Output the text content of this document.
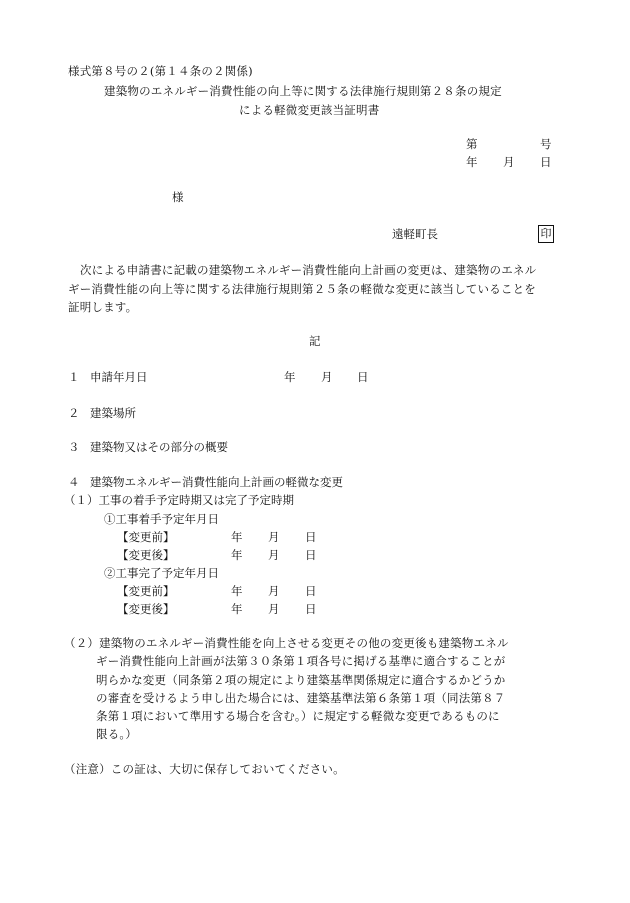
様式第８号の２(第１４条の２関係)
建築物のエネルギー消費性能の向上等に関する法律施行規則第２８条の規定
による軽微変更該当証明書
第	号
年 月 日
様
遠軽町長	印
次による申請書に記載の建築物エネルギー消費性能向上計画の変更は、建築物のエネル
ギー消費性能の向上等に関する法律施行規則第２５条の軽微な変更に該当していることを
証明します。
記
１ 申請年月日	年 月 日
２ 建築場所
３ 建築物又はその部分の概要
４ 建築物エネルギー消費性能向上計画の軽微な変更
（１）工事の着手予定時期又は完了予定時期
①工事着手予定年月日
【変更前】	年 月 日
【変更後】	年 月 日
②工事完了予定年月日
【変更前】	年 月 日
【変更後】	年 月 日
（２）建築物のエネルギー消費性能を向上させる変更その他の変更後も建築物エネル
ギー消費性能向上計画が法第３０条第１項各号に掲げる基準に適合することが
明らかな変更（同条第２項の規定により建築基準関係規定に適合するかどうか
の審査を受けるよう申し出た場合には、建築基準法第６条第１項（同法第８７
条第１項において準用する場合を含む。）に規定する軽微な変更であるものに
限る。）
（注意）この証は、大切に保存しておいてください。
